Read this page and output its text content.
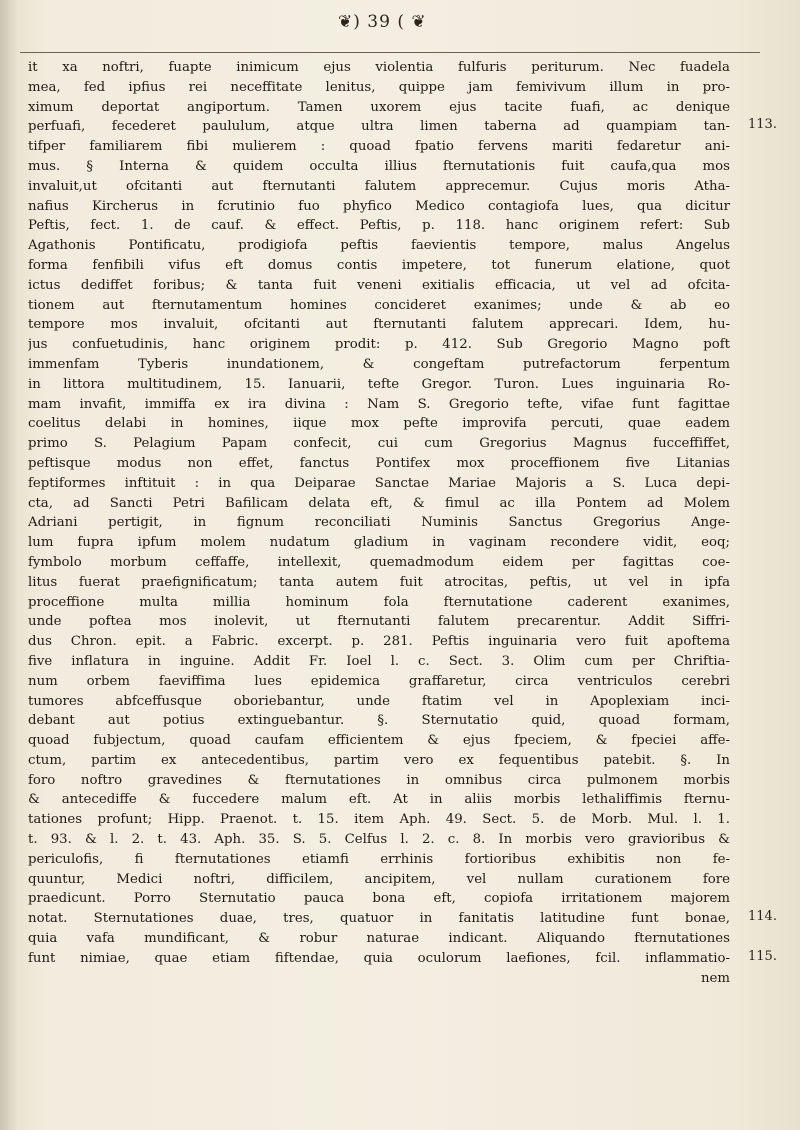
❦) 39 ( ❦
it xa noftri, fuapte inimicum ejus violentia fulfuris periturum. Nec fuadela
mea, fed ipfius rei neceffitate lenitus, quippe jam femivivum illum in pro-
ximum deportat angiportum. Tamen uxorem ejus tacite fuafi, ac denique
perfuafi, fecederet paululum, atque ultra limen taberna ad quampiam tan-
tifper familiarem fibi mulierem : quoad fpatio fervens mariti fedaretur ani-
mus. § Interna & quidem occulta illius fternutationis fuit caufa,qua mos
invaluit,ut ofcitanti aut fternutanti falutem apprecemur. Cujus moris Atha-
nafius Kircherus in fcrutinio fuo phyfico Medico contagiofa lues, qua dicitur
Peftis, fect. 1. de cauf. & effect. Peftis, p. 118. hanc originem refert: Sub
Agathonis Pontificatu, prodigiofa peftis faevientis tempore, malus Angelus
forma fenfibili vifus eft domus contis impetere, tot funerum elatione, quot
ictus dediffet foribus; & tanta fuit veneni exitialis efficacia, ut vel ad ofcita-
tionem aut fternutamentum homines concideret exanimes; unde & ab eo
tempore mos invaluit, ofcitanti aut fternutanti falutem apprecari. Idem, hu-
jus confuetudinis, hanc originem prodit: p. 412. Sub Gregorio Magno poft
immenfam Tyberis inundationem, & congeftam putrefactorum ferpentum
in littora multitudinem, 15. Ianuarii, tefte Gregor. Turon. Lues inguinaria Ro-
mam invafit, immiffa ex ira divina : Nam S. Gregorio tefte, vifae funt fagittae
coelitus delabi in homines, iique mox pefte improvifa percuti, quae eadem
primo S. Pelagium Papam confecit, cui cum Gregorius Magnus fucceffiffet,
peftisque modus non effet, fanctus Pontifex mox proceffionem five Litanias
feptiformes inftituit : in qua Deiparae Sanctae Mariae Majoris a S. Luca depi-
cta, ad Sancti Petri Bafilicam delata eft, & fimul ac illa Pontem ad Molem
Adriani pertigit, in fignum reconciliati Numinis Sanctus Gregorius Ange-
lum fupra ipfum molem nudatum gladium in vaginam recondere vidit, eoq;
fymbolo morbum ceffaffe, intellexit, quemadmodum eidem per fagittas coe-
litus fuerat praefignificatum; tanta autem fuit atrocitas, peftis, ut vel in ipfa
proceffione multa millia hominum fola fternutatione caderent exanimes,
unde poftea mos inolevit, ut fternutanti falutem precarentur. Addit Siffri-
dus Chron. epit. a Fabric. excerpt. p. 281. Peftis inguinaria vero fuit apoftema
five inflatura in inguine. Addit Fr. Ioel l. c. Sect. 3. Olim cum per Chriftia-
num orbem faeviffima lues epidemica graffaretur, circa ventriculos cerebri
tumores abfceffusque oboriebantur, unde ftatim vel in Apoplexiam inci-
debant aut potius extinguebantur. §. Sternutatio quid, quoad formam,
quoad fubjectum, quoad caufam efficientem & ejus fpeciem, & fpeciei affe-
ctum, partim ex antecedentibus, partim vero ex fequentibus patebit. §. In
foro noftro gravedines & fternutationes in omnibus circa pulmonem morbis
& antecediffe & fuccedere malum eft. At in aliis morbis lethaliffimis fternu-
tationes profunt; Hipp. Praenot. t. 15. item Aph. 49. Sect. 5. de Morb. Mul. l. 1.
t. 93. & l. 2. t. 43. Aph. 35. S. 5. Celfus l. 2. c. 8. In morbis vero gravioribus &
periculofis, fi fternutationes etiamfi errhinis fortioribus exhibitis non fe-
quuntur, Medici noftri, difficilem, ancipitem, vel nullam curationem fore
praedicunt. Porro Sternutatio pauca bona eft, copiofa irritationem majorem
notat. Sternutationes duae, tres, quatuor in fanitatis latitudine funt bonae,
quia vafa mundificant, & robur naturae indicant. Aliquando fternutationes
funt nimiae, quae etiam fiftendae, quia oculorum laefiones, fcil. inflammatio-
nem
113.
114.
115.
